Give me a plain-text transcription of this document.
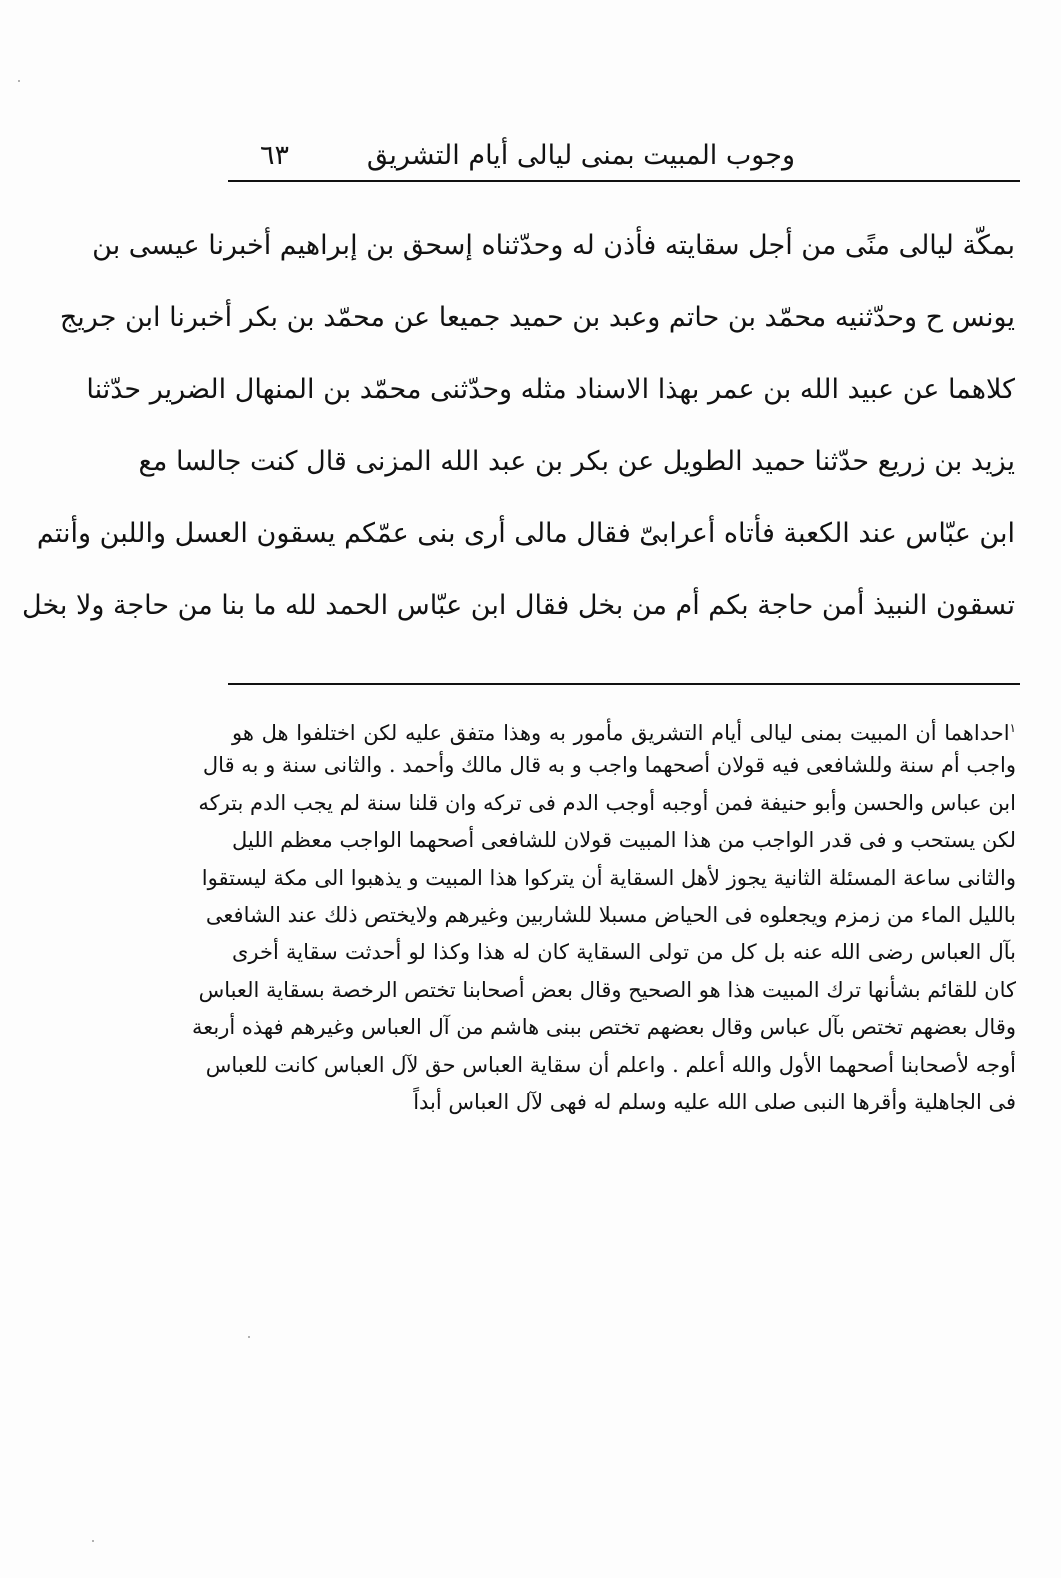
وجوب المبيت بمنى ليالى أيام التشريق
٦٣
بمكّة ليالى منًى من أجل سقايته فأذن له وحدّثناه إسحق بن إبراهيم أخبرنا عيسى بن
يونس ح وحدّثنيه محمّد بن حاتم وعبد بن حميد جميعا عن محمّد بن بكر أخبرنا ابن جريج
كلاهما عن عبيد الله بن عمر بهذا الاسناد مثله وحدّثنى محمّد بن المنهال الضرير حدّثنا
يزيد بن زريع حدّثنا حميد الطويل عن بكر بن عبد الله المزنى قال كنت جالسا مع
ابن عبّاس عند الكعبة فأتاه أعرابىّ فقال مالى أرى بنى عمّكم يسقون العسل واللبن وأنتم
تسقون النبيذ أمن حاجة بكم أم من بخل فقال ابن عبّاس الحمد لله ما بنا من حاجة ولا بخل
$^١$احداهما أن المبيت بمنى ليالى أيام التشريق مأمور به وهذا متفق عليه لكن اختلفوا هل هو
واجب أم سنة وللشافعى فيه قولان أصحهما واجب و به قال مالك وأحمد . والثانى سنة و به قال
ابن عباس والحسن وأبو حنيفة فمن أوجبه أوجب الدم فى تركه وان قلنا سنة لم يجب الدم بتركه
لكن يستحب و فى قدر الواجب من هذا المبيت قولان للشافعى أصحهما الواجب معظم الليل
والثانى ساعة المسئلة الثانية يجوز لأهل السقاية أن يتركوا هذا المبيت و يذهبوا الى مكة ليستقوا
بالليل الماء من زمزم ويجعلوه فى الحياض مسبلا للشاربين وغيرهم ولايختص ذلك عند الشافعى
بآل العباس رضى الله عنه بل كل من تولى السقاية كان له هذا وكذا لو أحدثت سقاية أخرى
كان للقائم بشأنها ترك المبيت هذا هو الصحيح وقال بعض أصحابنا تختص الرخصة بسقاية العباس
وقال بعضهم تختص بآل عباس وقال بعضهم تختص ببنى هاشم من آل العباس وغيرهم فهذه أربعة
أوجه لأصحابنا أصحهما الأول والله أعلم . واعلم أن سقاية العباس حق لآل العباس كانت للعباس
فى الجاهلية وأقرها النبى صلى الله عليه وسلم له فهى لآل العباس أبداً
